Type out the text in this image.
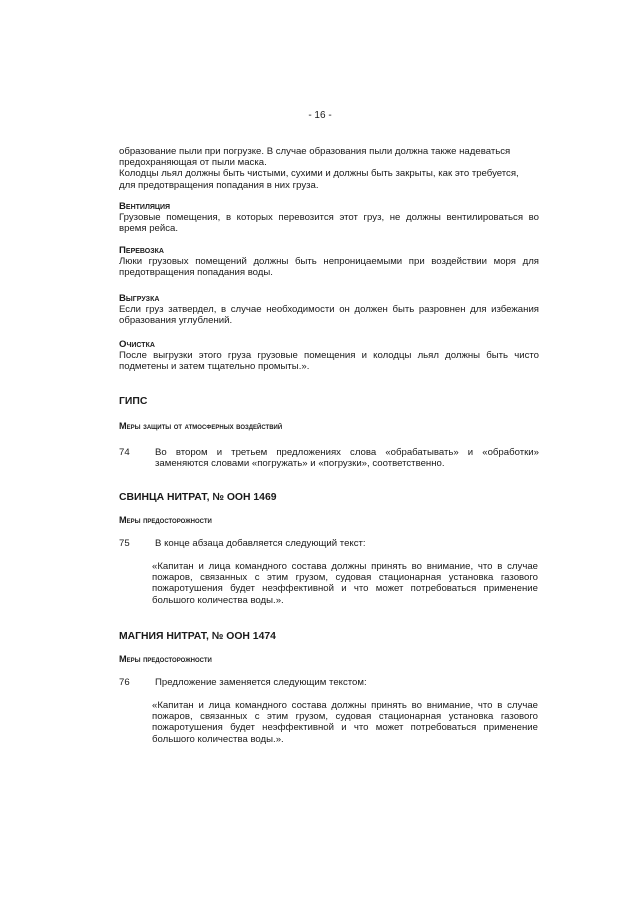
- 16 -

образование пыли при погрузке. В случае образования пыли должна также надеваться

предохраняющая от пыли маска.

Колодцы льял должны быть чистыми, сухими и должны быть закрыты, как это требуется,

для предотвращения попадания в них груза.

Вентиляция

Грузовые помещения, в которых перевозится этот груз, не должны вентилироваться во время рейса.

Перевозка

Люки грузовых помещений должны быть непроницаемыми при воздействии моря для предотвращения попадания воды.

Выгрузка

Если груз затвердел, в случае необходимости он должен быть разровнен для избежания образования углублений.

Очистка

После выгрузки этого груза грузовые помещения и колодцы льял должны быть чисто подметены и затем тщательно промыты.».

ГИПС

Меры защиты от атмосферных воздействий

74	Во втором и третьем предложениях слова «обрабатывать» и «обработки» заменяются словами «погружать» и «погрузки», соответственно.

СВИНЦА НИТРАТ, № ООН 1469

Меры предосторожности

75	В конце абзаца добавляется следующий текст:

«Капитан и лица командного состава должны принять во внимание, что в случае пожаров, связанных с этим грузом, судовая стационарная установка газового пожаротушения будет неэффективной и что может потребоваться применение большого количества воды.».

МАГНИЯ НИТРАТ, № ООН 1474

Меры предосторожности

76	Предложение заменяется следующим текстом:

«Капитан и лица командного состава должны принять во внимание, что в случае пожаров, связанных с этим грузом, судовая стационарная установка газового пожаротушения будет неэффективной и что может потребоваться применение большого количества воды.».
